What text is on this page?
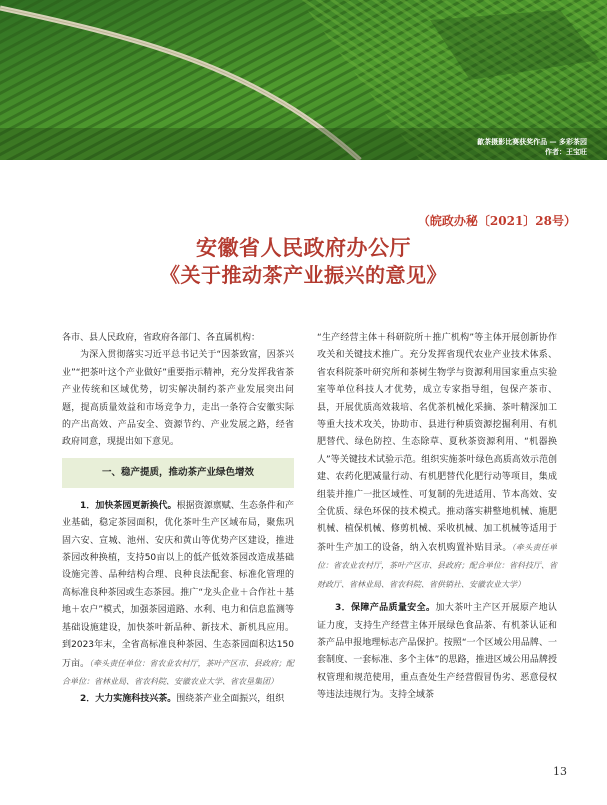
歙茶摄影比赛获奖作品 — 多彩茶园
作者：王宝旺
（皖政办秘〔2021〕28号）
安徽省人民政府办公厅
《关于推动茶产业振兴的意见》

各市、县人民政府，省政府各部门、各直属机构：

为深入贯彻落实习近平总书记关于“因茶致富，因茶兴业”“把茶叶这个产业做好”重要指示精神，充分发挥我省茶产业传统和区域优势，切实解决制约茶产业发展突出问题，提高质量效益和市场竞争力，走出一条符合安徽实际的产出高效、产品安全、资源节约、产业发展之路，经省政府同意，现提出如下意见。

一、稳产提质，推动茶产业绿色增效

1．加快茶园更新换代。根据资源禀赋、生态条件和产业基础，稳定茶园面积，优化茶叶生产区域布局，聚焦巩固六安、宣城、池州、安庆和黄山等优势产区建设，推进茶园改种换植，支持50亩以上的低产低效茶园改造成基础设施完善、品种结构合理、良种良法配套、标准化管理的高标准良种茶园或生态茶园。推广“龙头企业＋合作社＋基地＋农户”模式，加强茶园道路、水利、电力和信息监测等基础设施建设，加快茶叶新品种、新技术、新机具应用。到2023年末，全省高标准良种茶园、生态茶园面积达150万亩。（牵头责任单位：省农业农村厅，茶叶产区市、县政府；配合单位：省林业局、省农科院、安徽农业大学、省农垦集团）

2．大力实施科技兴茶。围绕茶产业全面振兴，组织

“生产经营主体＋科研院所＋推广机构”等主体开展创新协作攻关和关键技术推广。充分发挥省现代农业产业技术体系、省农科院茶叶研究所和茶树生物学与资源利用国家重点实验室等单位科技人才优势，成立专家指导组，包保产茶市、县，开展优质高效栽培、名优茶机械化采摘、茶叶精深加工等重大技术攻关，协助市、县进行种质资源挖掘利用、有机肥替代、绿色防控、生态除草、夏秋茶资源利用、“机器换人”等关键技术试验示范。组织实施茶叶绿色高质高效示范创建、农药化肥减量行动、有机肥替代化肥行动等项目，集成组装并推广一批区域性、可复制的先进适用、节本高效、安全优质、绿色环保的技术模式。推动落实耕整地机械、施肥机械、植保机械、修剪机械、采收机械、加工机械等适用于茶叶生产加工的设备，纳入农机购置补贴目录。（牵头责任单位：省农业农村厅，茶叶产区市、县政府；配合单位：省科技厅、省财政厅、省林业局、省农科院、省供销社、安徽农业大学）

3．保障产品质量安全。加大茶叶主产区开展原产地认证力度，支持生产经营主体开展绿色食品茶、有机茶认证和茶产品申报地理标志产品保护。按照“一个区域公用品牌、一套制度、一套标准、多个主体”的思路，推进区域公用品牌授权管理和规范使用，重点查处生产经营假冒伪劣、恶意侵权等违法违规行为。支持全域茶

13
